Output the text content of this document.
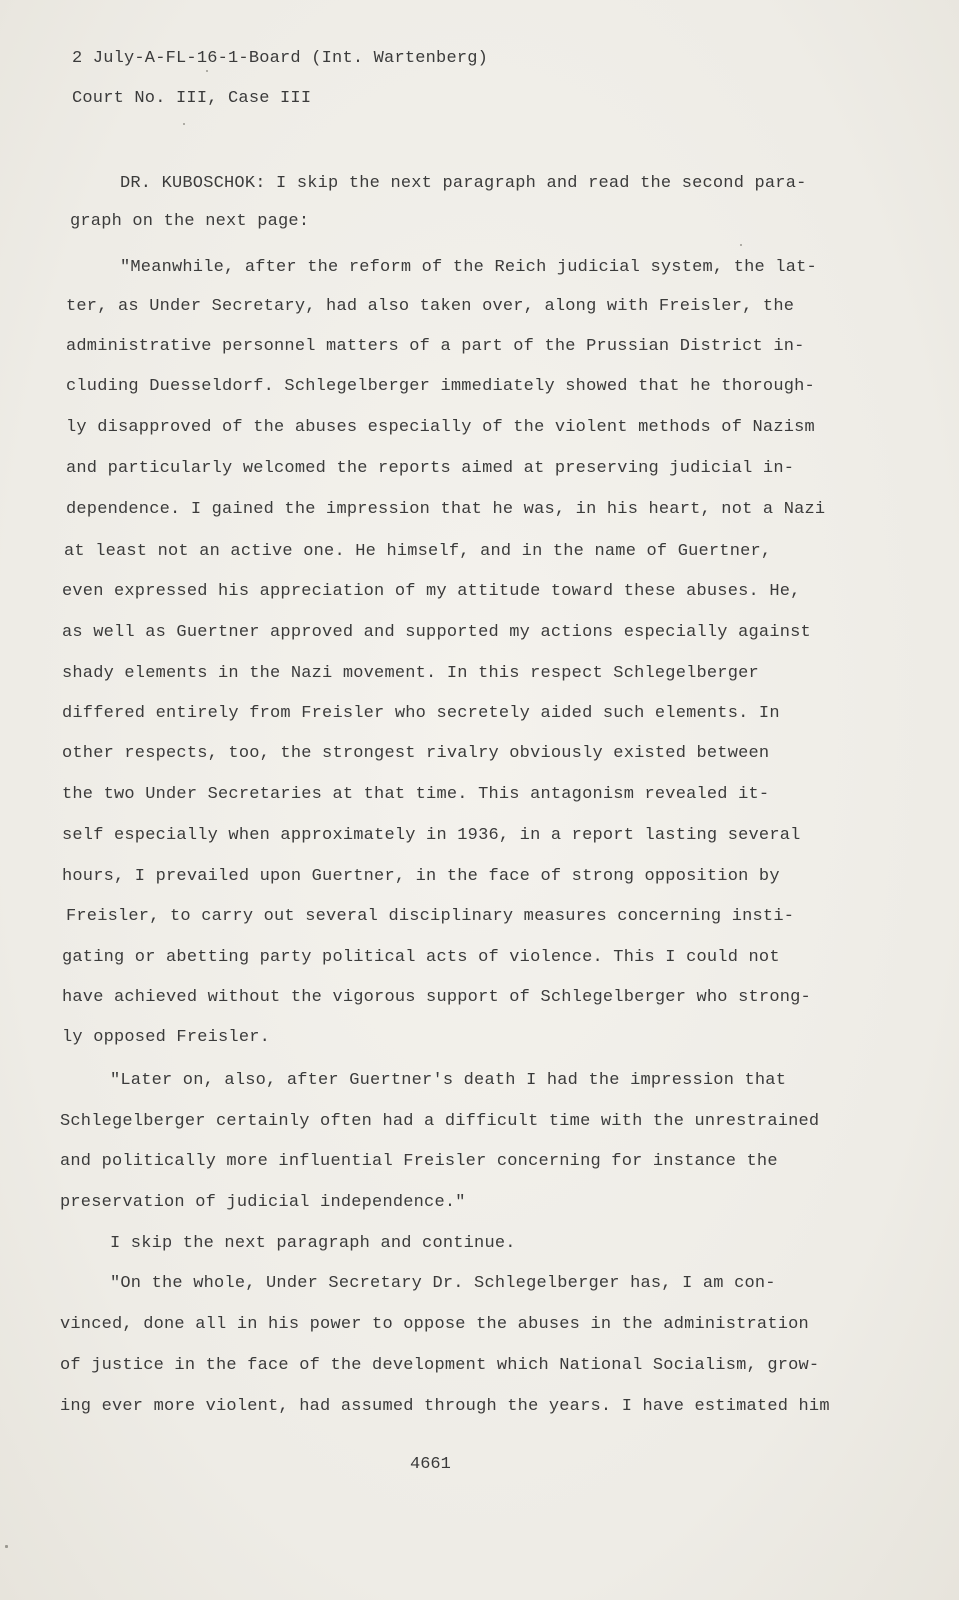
2 July-A-FL-16-1-Board (Int. Wartenberg)
Court No. III, Case III
DR. KUBOSCHOK: I skip the next paragraph and read the second para-
graph on the next page:
"Meanwhile, after the reform of the Reich judicial system, the lat-
ter, as Under Secretary, had also taken over, along with Freisler, the
administrative personnel matters of a part of the Prussian District in-
cluding Duesseldorf. Schlegelberger immediately showed that he thorough-
ly disapproved of the abuses especially of the violent methods of Nazism
and particularly welcomed the reports aimed at preserving judicial in-
dependence. I gained the impression that he was, in his heart, not a Nazi
at least not an active one. He himself, and in the name of Guertner,
even expressed his appreciation of my attitude toward these abuses. He,
as well as Guertner approved and supported my actions especially against
shady elements in the Nazi movement. In this respect Schlegelberger
differed entirely from Freisler who secretely aided such elements. In
other respects, too, the strongest rivalry obviously existed between
the two Under Secretaries at that time. This antagonism revealed it-
self especially when approximately in 1936, in a report lasting several
hours, I prevailed upon Guertner, in the face of strong opposition by
Freisler, to carry out several disciplinary measures concerning insti-
gating or abetting party political acts of violence. This I could not
have achieved without the vigorous support of Schlegelberger who strong-
ly opposed Freisler.
"Later on, also, after Guertner's death I had the impression that
Schlegelberger certainly often had a difficult time with the unrestrained
and politically more influential Freisler concerning for instance the
preservation of judicial independence."
I skip the next paragraph and continue.
"On the whole, Under Secretary Dr. Schlegelberger has, I am con-
vinced, done all in his power to oppose the abuses in the administration
of justice in the face of the development which National Socialism, grow-
ing ever more violent, had assumed through the years. I have estimated him
4661
